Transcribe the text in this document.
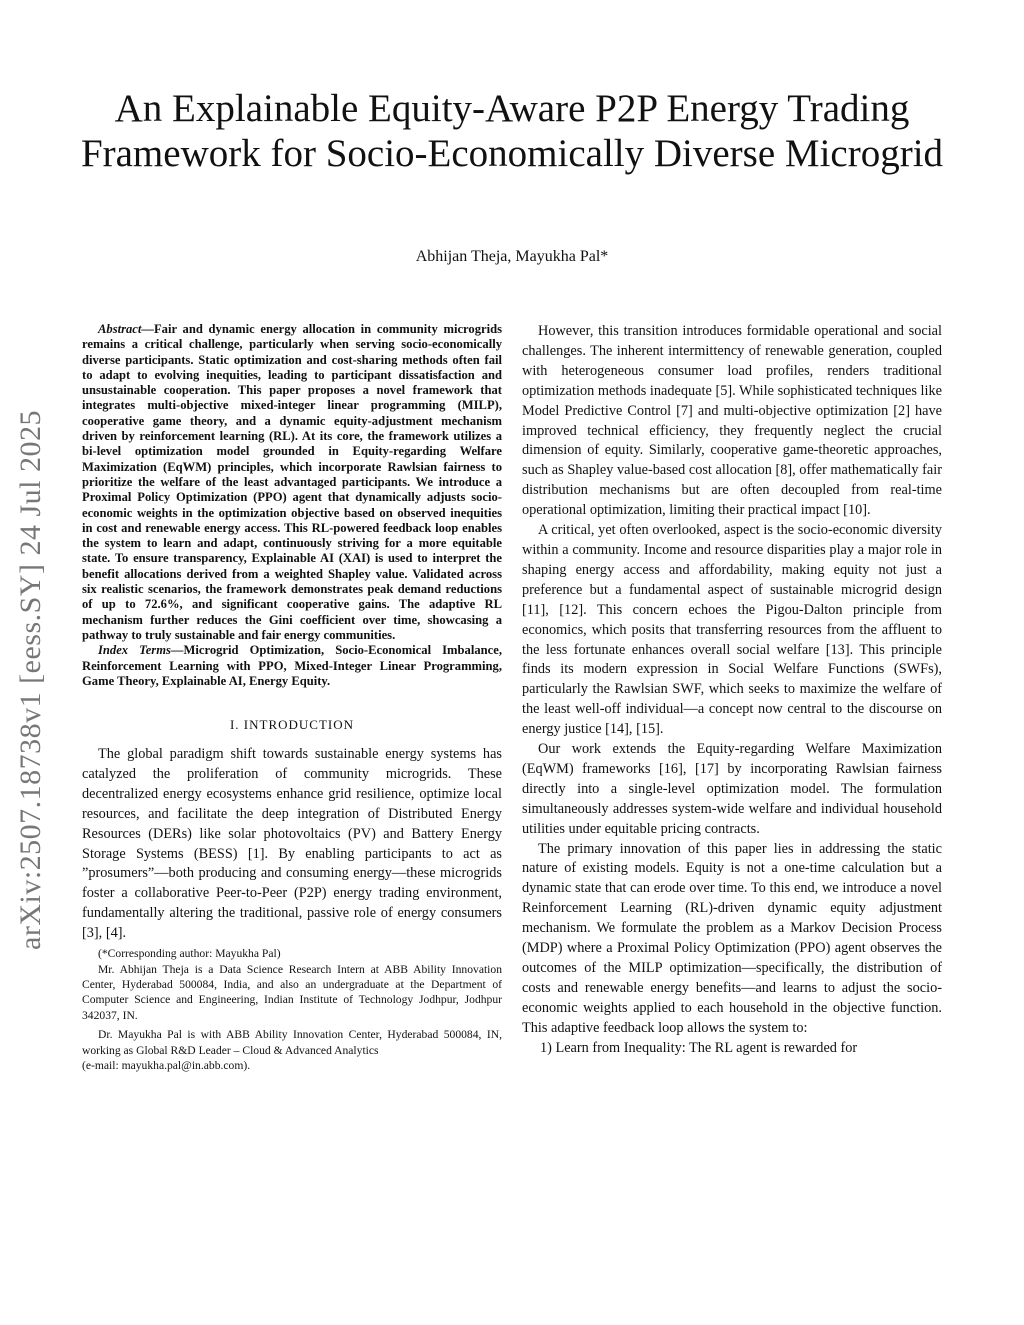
arXiv:2507.18738v1 [eess.SY] 24 Jul 2025
An Explainable Equity-Aware P2P Energy Trading Framework for Socio-Economically Diverse Microgrid
Abhijan Theja, Mayukha Pal*

Abstract—Fair and dynamic energy allocation in community microgrids remains a critical challenge, particularly when serving socio-economically diverse participants. Static optimization and cost-sharing methods often fail to adapt to evolving inequities, leading to participant dissatisfaction and unsustainable cooperation. This paper proposes a novel framework that integrates multi-objective mixed-integer linear programming (MILP), cooperative game theory, and a dynamic equity-adjustment mechanism driven by reinforcement learning (RL). At its core, the framework utilizes a bi-level optimization model grounded in Equity-regarding Welfare Maximization (EqWM) principles, which incorporate Rawlsian fairness to prioritize the welfare of the least advantaged participants. We introduce a Proximal Policy Optimization (PPO) agent that dynamically adjusts socio-economic weights in the optimization objective based on observed inequities in cost and renewable energy access. This RL-powered feedback loop enables the system to learn and adapt, continuously striving for a more equitable state. To ensure transparency, Explainable AI (XAI) is used to interpret the benefit allocations derived from a weighted Shapley value. Validated across six realistic scenarios, the framework demonstrates peak demand reductions of up to 72.6%, and significant cooperative gains. The adaptive RL mechanism further reduces the Gini coefficient over time, showcasing a pathway to truly sustainable and fair energy communities.

Index Terms—Microgrid Optimization, Socio-Economical Imbalance, Reinforcement Learning with PPO, Mixed-Integer Linear Programming, Game Theory, Explainable AI, Energy Equity.

I. INTRODUCTION

The global paradigm shift towards sustainable energy systems has catalyzed the proliferation of community microgrids. These decentralized energy ecosystems enhance grid resilience, optimize local resources, and facilitate the deep integration of Distributed Energy Resources (DERs) like solar photovoltaics (PV) and Battery Energy Storage Systems (BESS) [1]. By enabling participants to act as ”prosumers”—both producing and consuming energy—these microgrids foster a collaborative Peer-to-Peer (P2P) energy trading environment, fundamentally altering the traditional, passive role of energy consumers [3], [4].

(*Corresponding author: Mayukha Pal)

Mr. Abhijan Theja is a Data Science Research Intern at ABB Ability Innovation Center, Hyderabad 500084, India, and also an undergraduate at the Department of Computer Science and Engineering, Indian Institute of Technology Jodhpur, Jodhpur 342037, IN.

Dr. Mayukha Pal is with ABB Ability Innovation Center, Hyderabad 500084, IN, working as Global R&D Leader – Cloud & Advanced Analytics

(e-mail: mayukha.pal@in.abb.com).

However, this transition introduces formidable operational and social challenges. The inherent intermittency of renewable generation, coupled with heterogeneous consumer load profiles, renders traditional optimization methods inadequate [5]. While sophisticated techniques like Model Predictive Control [7] and multi-objective optimization [2] have improved technical efficiency, they frequently neglect the crucial dimension of equity. Similarly, cooperative game-theoretic approaches, such as Shapley value-based cost allocation [8], offer mathematically fair distribution mechanisms but are often decoupled from real-time operational optimization, limiting their practical impact [10].

A critical, yet often overlooked, aspect is the socio-economic diversity within a community. Income and resource disparities play a major role in shaping energy access and affordability, making equity not just a preference but a fundamental aspect of sustainable microgrid design [11], [12]. This concern echoes the Pigou-Dalton principle from economics, which posits that transferring resources from the affluent to the less fortunate enhances overall social welfare [13]. This principle finds its modern expression in Social Welfare Functions (SWFs), particularly the Rawlsian SWF, which seeks to maximize the welfare of the least well-off individual—a concept now central to the discourse on energy justice [14], [15].

Our work extends the Equity-regarding Welfare Maximization (EqWM) frameworks [16], [17] by incorporating Rawlsian fairness directly into a single-level optimization model. The formulation simultaneously addresses system-wide welfare and individual household utilities under equitable pricing contracts.

The primary innovation of this paper lies in addressing the static nature of existing models. Equity is not a one-time calculation but a dynamic state that can erode over time. To this end, we introduce a novel Reinforcement Learning (RL)-driven dynamic equity adjustment mechanism. We formulate the problem as a Markov Decision Process (MDP) where a Proximal Policy Optimization (PPO) agent observes the outcomes of the MILP optimization—specifically, the distribution of costs and renewable energy benefits—and learns to adjust the socio-economic weights applied to each household in the objective function. This adaptive feedback loop allows the system to:

1) Learn from Inequality: The RL agent is rewarded for
